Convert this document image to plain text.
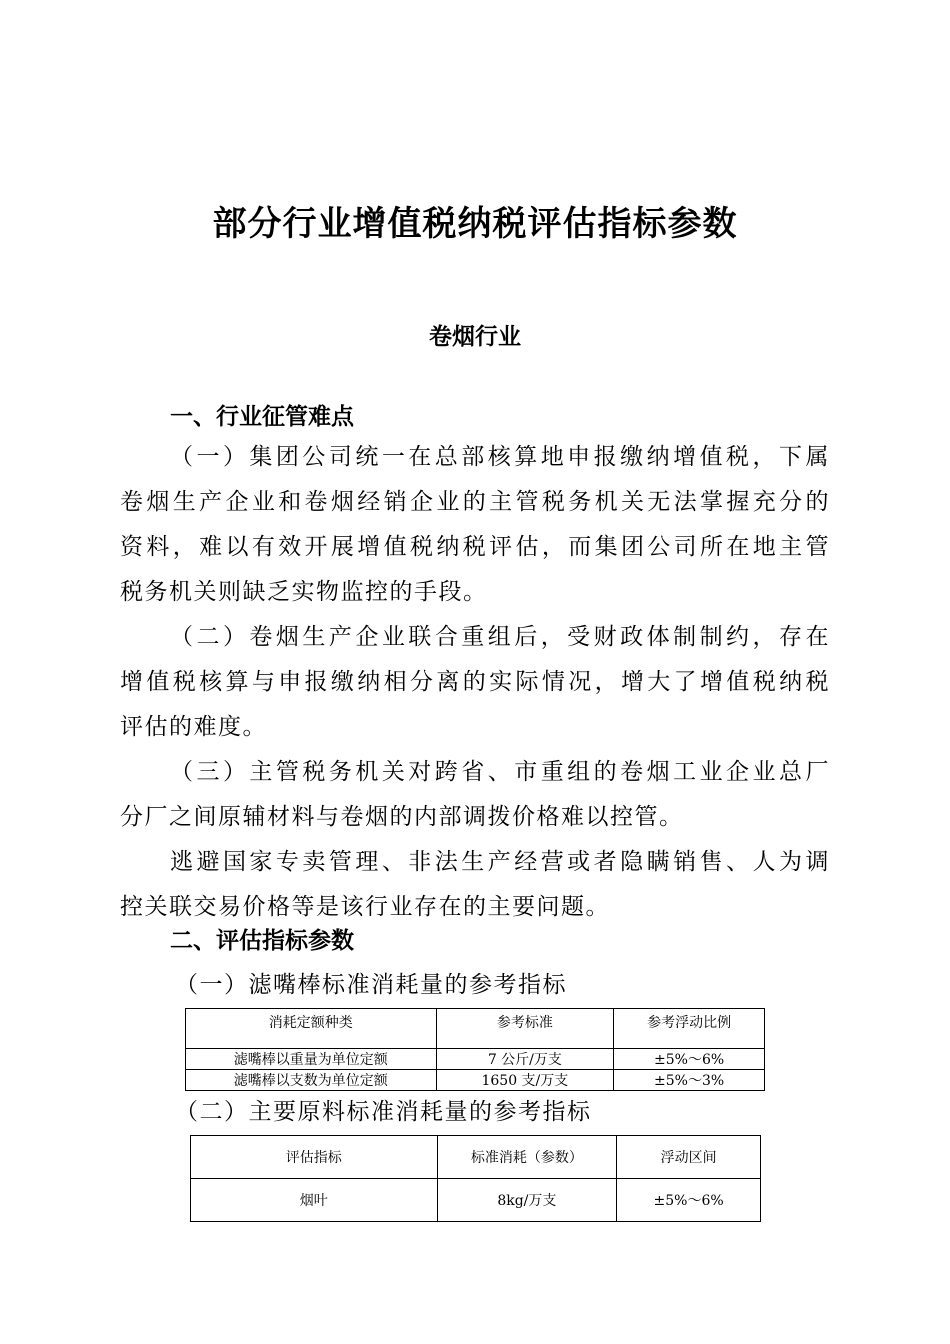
部分行业增值税纳税评估指标参数
卷烟行业
一、行业征管难点
（一）集团公司统一在总部核算地申报缴纳增值税，下属
卷烟生产企业和卷烟经销企业的主管税务机关无法掌握充分的
资料，难以有效开展增值税纳税评估，而集团公司所在地主管
税务机关则缺乏实物监控的手段。
（二）卷烟生产企业联合重组后，受财政体制制约，存在
增值税核算与申报缴纳相分离的实际情况，增大了增值税纳税
评估的难度。
（三）主管税务机关对跨省、市重组的卷烟工业企业总厂
分厂之间原辅材料与卷烟的内部调拨价格难以控管。
逃避国家专卖管理、非法生产经营或者隐瞒销售、人为调
控关联交易价格等是该行业存在的主要问题。
二、评估指标参数
（一）滤嘴棒标准消耗量的参考指标
消耗定额种类	参考标准	参考浮动比例
滤嘴棒以重量为单位定额	7 公斤/万支	±5%～6%
滤嘴棒以支数为单位定额	1650 支/万支	±5%～3%
（二）主要原料标准消耗量的参考指标
评估指标	标准消耗（参数）	浮动区间
烟叶	8kg/万支	±5%～6%
